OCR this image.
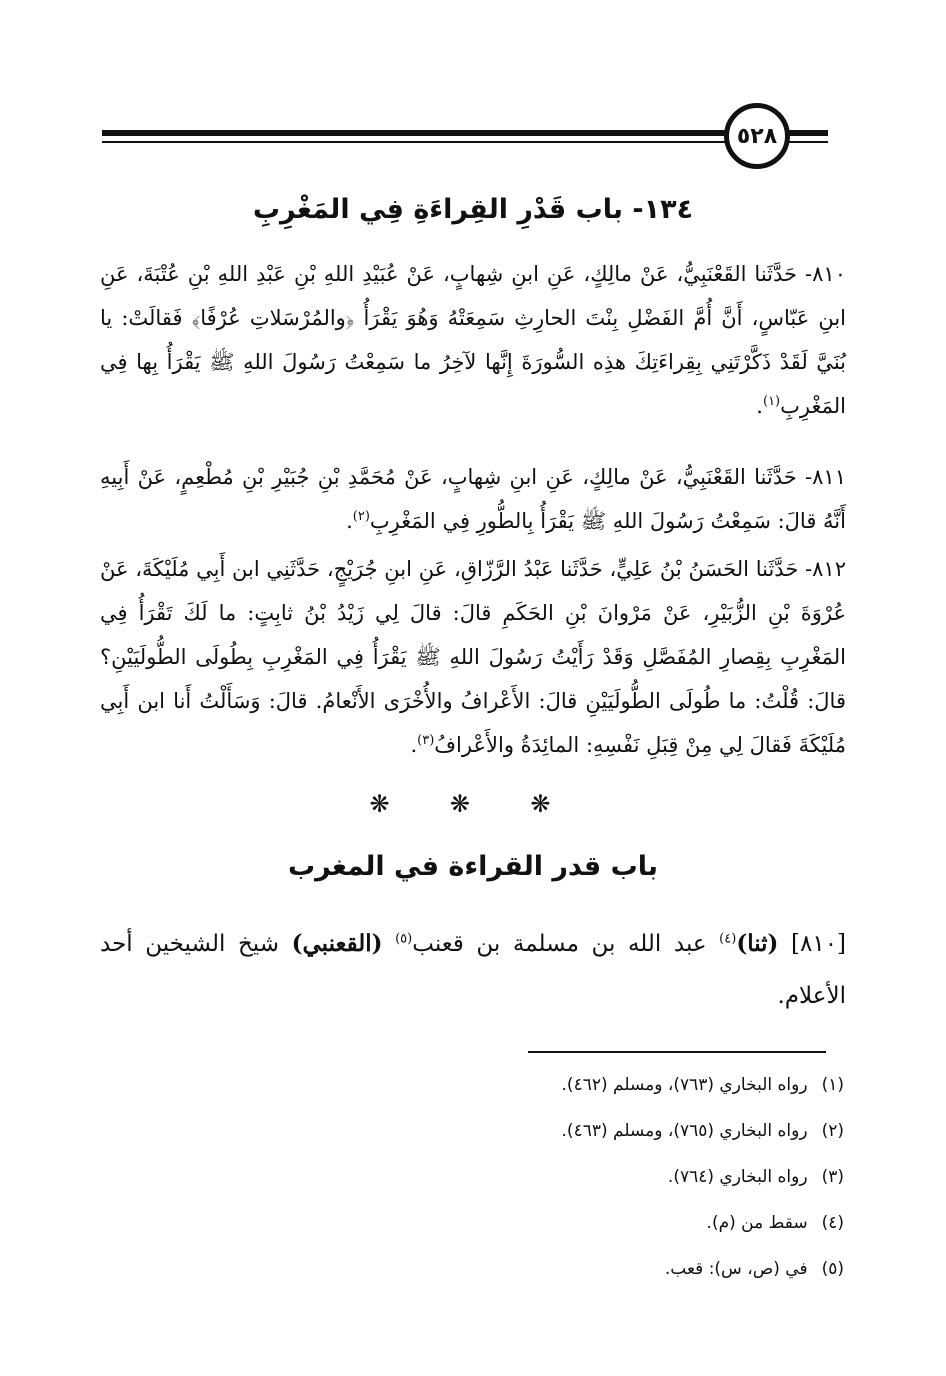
٥٢٨
١٣٤- باب قَدْرِ القِراءَةِ فِي المَغْرِبِ

٨١٠- حَدَّثَنا القَعْنَبِيُّ، عَنْ مالِكٍ، عَنِ ابنِ شِهابٍ، عَنْ عُبَيْدِ اللهِ بْنِ عَبْدِ اللهِ بْنِ عُتْبَةَ، عَنِ ابنِ عَبّاسٍ، أَنَّ أُمَّ الفَضْلِ بِنْتَ الحارِثِ سَمِعَتْهُ وَهُوَ يَقْرَأُ ﴿والمُرْسَلاتِ عُرْفًا﴾ فَقالَتْ: يا بُنَيَّ لَقَدْ ذَكَّرْتَنِي بِقِراءَتِكَ هذِه السُّورَةَ إِنَّها لآخِرُ ما سَمِعْتُ رَسُولَ اللهِ ﷺ يَقْرَأُ بِها فِي المَغْرِبِ$^{(١)}$.

٨١١- حَدَّثَنا القَعْنَبِيُّ، عَنْ مالِكٍ، عَنِ ابنِ شِهابٍ، عَنْ مُحَمَّدِ بْنِ جُبَيْرِ بْنِ مُطْعِمٍ، عَنْ أَبِيهِ أَنَّهُ قالَ: سَمِعْتُ رَسُولَ اللهِ ﷺ يَقْرَأُ بِالطُّورِ فِي المَغْرِبِ$^{(٢)}$.

٨١٢- حَدَّثَنا الحَسَنُ بْنُ عَلِيٍّ، حَدَّثَنا عَبْدُ الرَّزّاقِ، عَنِ ابنِ جُرَيْجٍ، حَدَّثَنِي ابن أَبِي مُلَيْكَةَ، عَنْ عُرْوَةَ بْنِ الزُّبَيْرِ، عَنْ مَرْوانَ بْنِ الحَكَمِ قالَ: قالَ لِي زَيْدُ بْنُ ثابِتٍ: ما لَكَ تَقْرَأُ فِي المَغْرِبِ بِقِصارِ المُفَصَّلِ وَقَدْ رَأَيْتُ رَسُولَ اللهِ ﷺ يَقْرَأُ فِي المَغْرِبِ بِطُولَى الطُّولَيَيْنِ؟ قالَ: قُلْتُ: ما طُولَى الطُّولَيَيْنِ قالَ: الأَعْرافُ والأُخْرَى الأَنْعامُ. قالَ: وَسَأَلْتُ أَنا ابن أَبِي مُلَيْكَةَ فَقالَ لِي مِنْ قِبَلِ نَفْسِهِ: المائِدَةُ والأَعْرافُ$^{(٣)}$.

❋ ❋ ❋
باب قدر القراءة في المغرب

[٨١٠] (ثنا)$^{(٤)}$ عبد الله بن مسلمة بن قعنب$^{(٥)}$ (القعنبي) شيخ الشيخين أحد الأعلام.

(١)رواه البخاري (٧٦٣)، ومسلم (٤٦٢).
(٢)رواه البخاري (٧٦٥)، ومسلم (٤٦٣).
(٣)رواه البخاري (٧٦٤).
(٤)سقط من (م).
(٥)في (ص، س): قعب.
